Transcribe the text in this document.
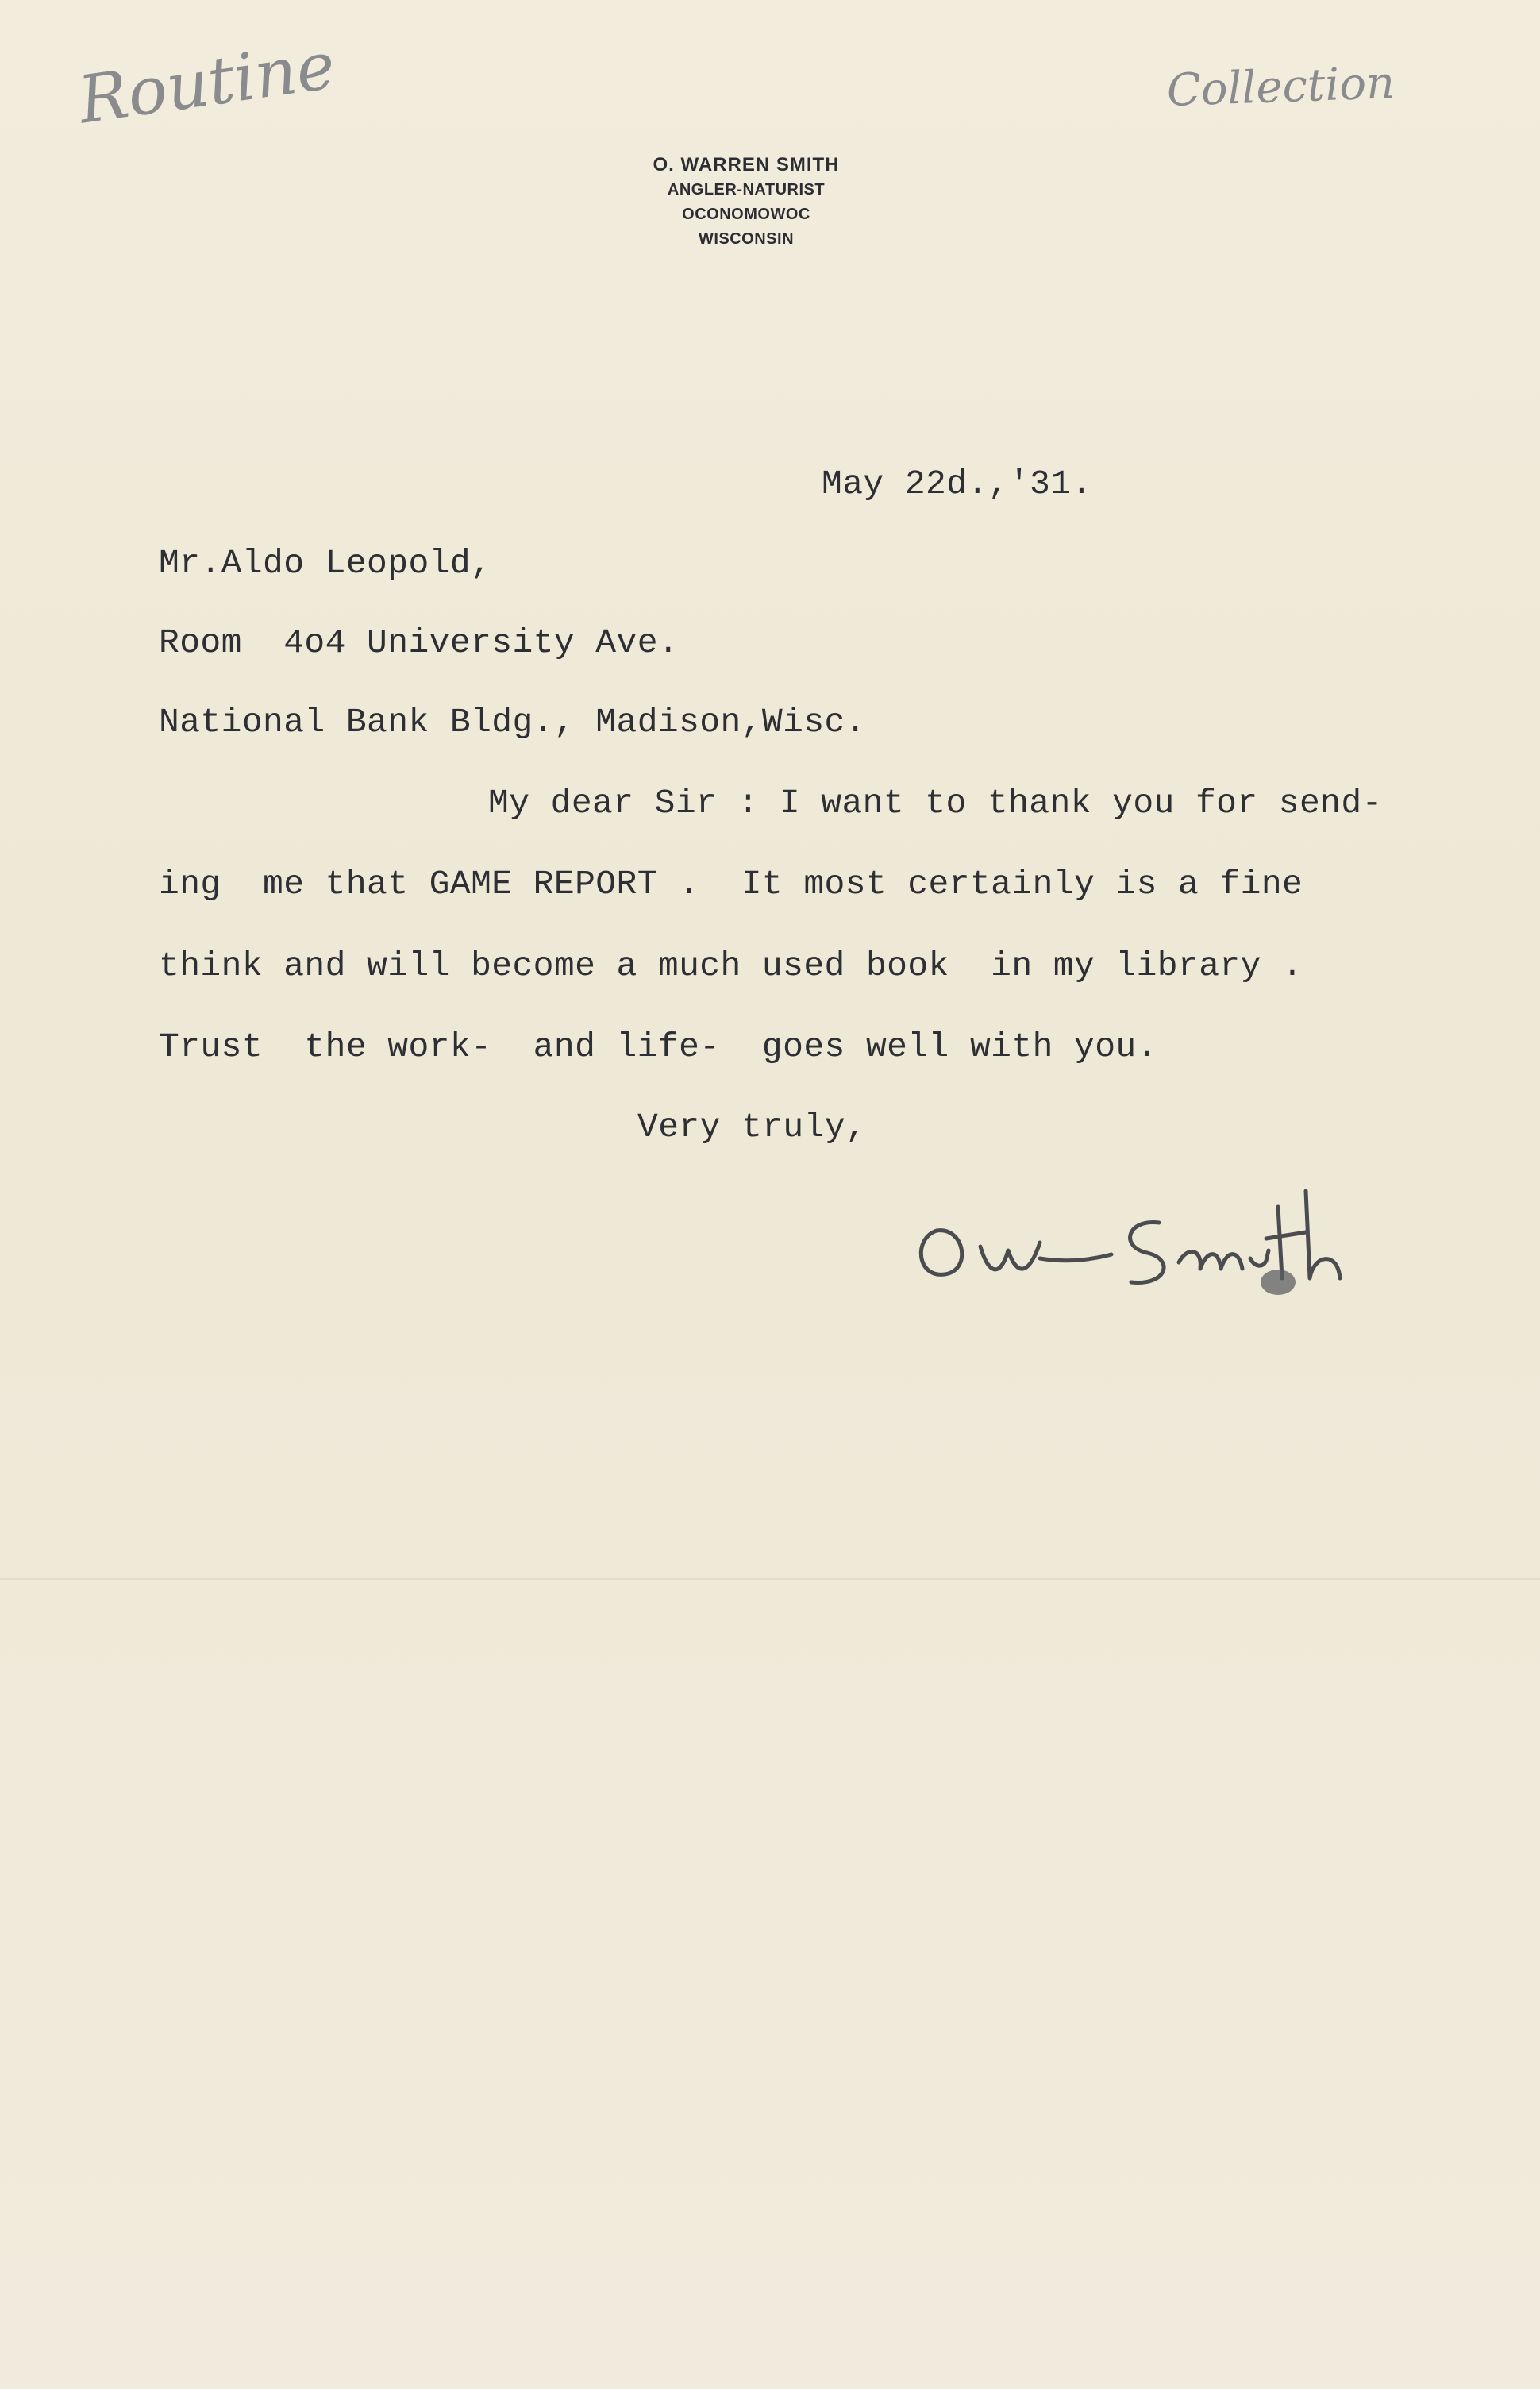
Routine	Collection
O. WARREN SMITH
ANGLER-NATURIST
OCONOMOWOC
WISCONSIN
May 22d.,'31.
Mr.Aldo Leopold,
Room  4o4 University Ave.
National Bank Bldg., Madison,Wisc.
My dear Sir : I want to thank you for send-
ing  me that GAME REPORT .  It most certainly is a fine
think and will become a much used book  in my library .
Trust  the work-  and life-  goes well with you.
Very truly,
